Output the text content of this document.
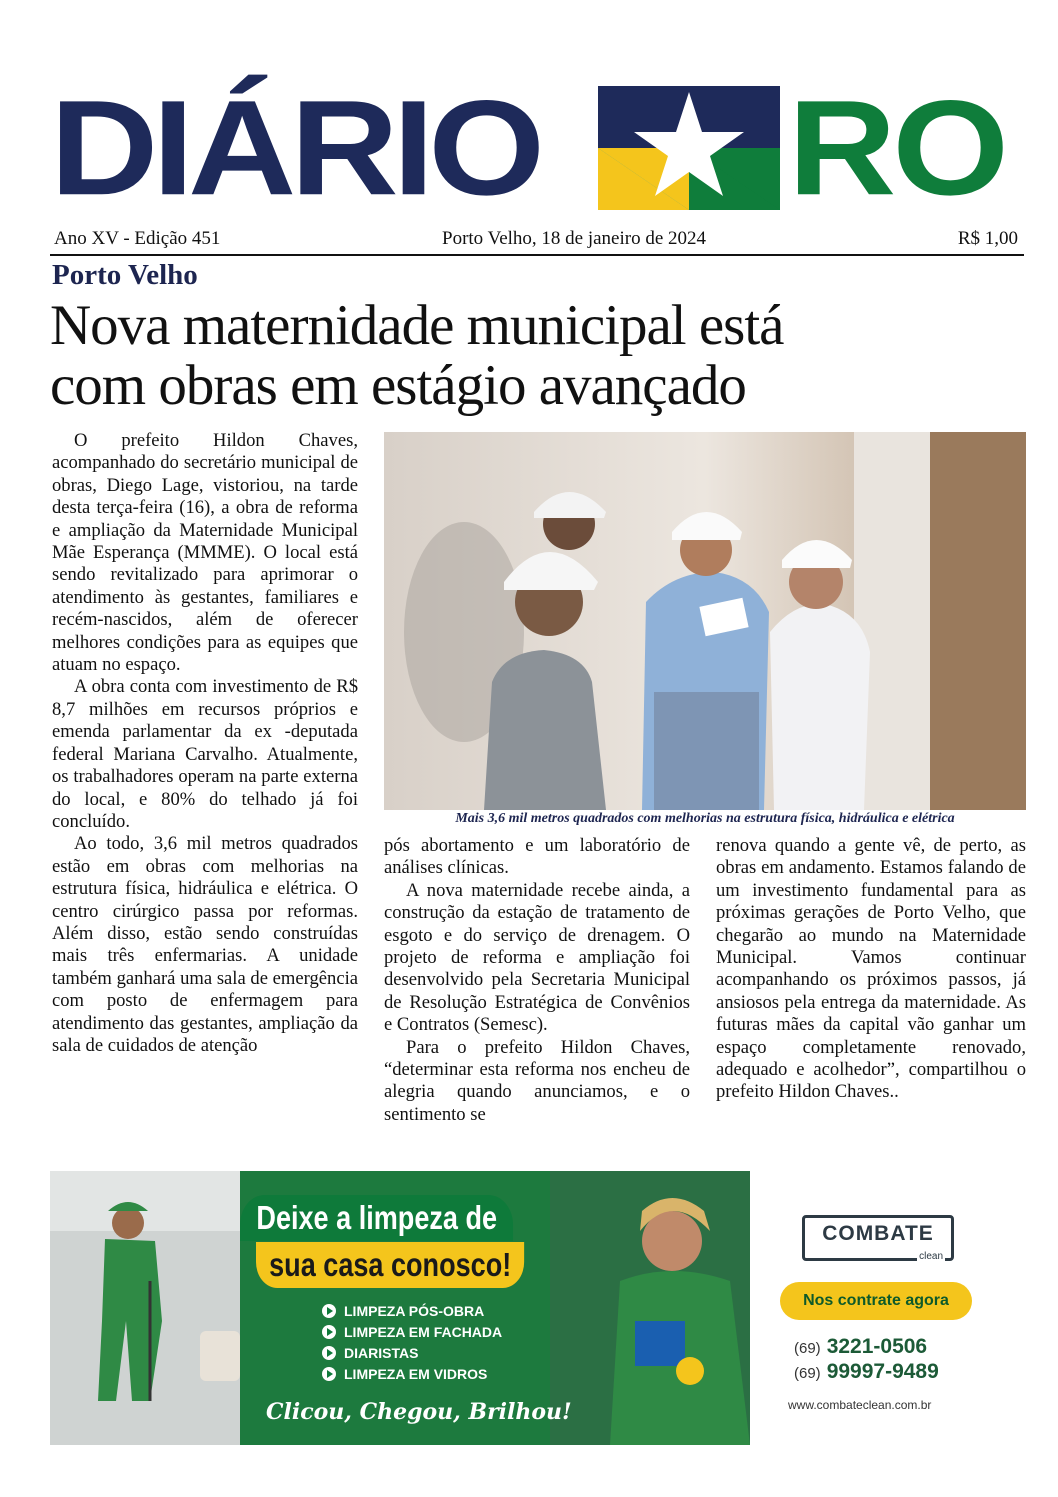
DIÁRIO RO
Ano XV - Edição 451	Porto Velho, 18 de janeiro de 2024	R$ 1,00
Porto Velho
Nova maternidade municipal está
com obras em estágio avançado
Mais 3,6 mil metros quadrados com melhorias na estrutura física, hidráulica e elétrica

O prefeito Hildon Chaves, acompanhado do secretário municipal de obras, Diego Lage, vistoriou, na tarde desta terça-feira (16), a obra de reforma e ampliação da Maternidade Municipal Mãe Esperança (MMME). O local está sendo revitalizado para aprimorar o atendimento às gestantes, familiares e recém-nascidos, além de oferecer melhores condições para as equipes que atuam no espaço.

A obra conta com investimento de R$ 8,7 milhões em recursos próprios e emenda parlamentar da ex -deputada federal Mariana Carvalho. Atualmente, os trabalhadores operam na parte externa do local, e 80% do telhado já foi concluído.

Ao todo, 3,6 mil metros quadrados estão em obras com melhorias na estrutura física, hidráulica e elétrica. O centro cirúrgico passa por reformas. Além disso, estão sendo construídas mais três enfermarias. A unidade também ganhará uma sala de emergência com posto de enfermagem para atendimento das gestantes, ampliação da sala de cuidados de atenção

pós abortamento e um laboratório de análises clínicas.

A nova maternidade recebe ainda, a construção da estação de tratamento de esgoto e do serviço de drenagem. O projeto de reforma e ampliação foi desenvolvido pela Secretaria Municipal de Resolução Estratégica de Convênios e Contratos (Semesc).

Para o prefeito Hildon Chaves, “determinar esta reforma nos encheu de alegria quando anunciamos, e o sentimento se

renova quando a gente vê, de perto, as obras em andamento. Estamos falando de um investimento fundamental para as próximas gerações de Porto Velho, que chegarão ao mundo na Maternidade Municipal. Vamos continuar acompanhando os próximos passos, já ansiosos pela entrega da maternidade. As futuras mães da capital vão ganhar um espaço completamente renovado, adequado e acolhedor”, compartilhou o prefeito Hildon Chaves..

Deixe a limpeza de
sua casa conosco!
LIMPEZA PÓS-OBRA
LIMPEZA EM FACHADA
DIARISTAS
LIMPEZA EM VIDROS
Clicou, Chegou, Brilhou!
COMBATE
clean
Nos contrate agora
(69) 3221-0506
(69) 99997-9489
www.combateclean.com.br
